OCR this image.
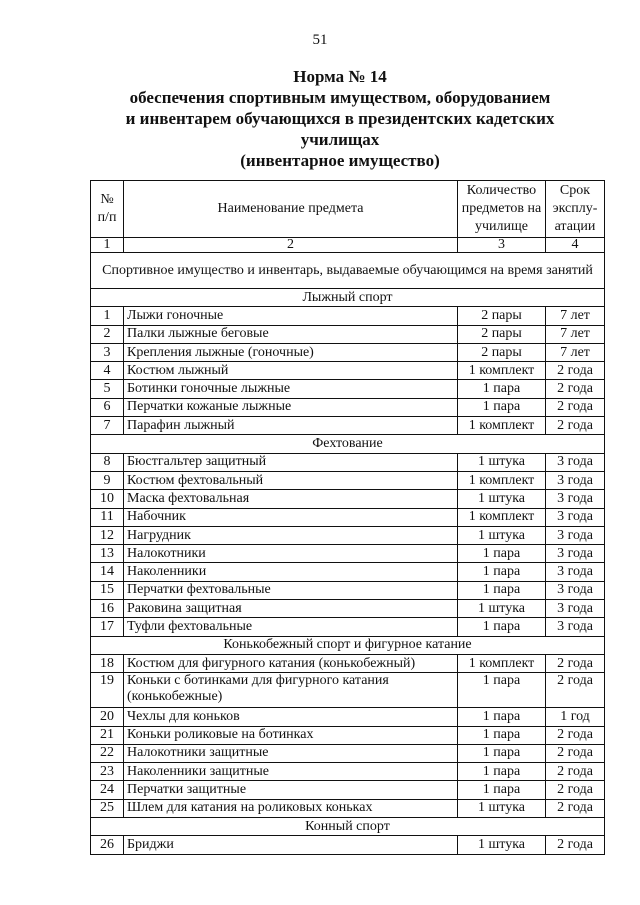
51
Норма № 14
обеспечения спортивным имуществом, оборудованием
и инвентарем обучающихся в президентских кадетских
училищах
(инвентарное имущество)
№ п/п	Наименование предмета	Количество предметов на училище	Срок эксплу-атации
1	2	3	4
Спортивное имущество и инвентарь, выдаваемые обучающимся на время занятий			
Лыжный спорт			
1	Лыжи гоночные	2 пары	7 лет
2	Палки лыжные беговые	2 пары	7 лет
3	Крепления лыжные (гоночные)	2 пары	7 лет
4	Костюм лыжный	1 комплект	2 года
5	Ботинки гоночные лыжные	1 пара	2 года
6	Перчатки кожаные лыжные	1 пара	2 года
7	Парафин лыжный	1 комплект	2 года
Фехтование			
8	Бюстгальтер защитный	1 штука	3 года
9	Костюм фехтовальный	1 комплект	3 года
10	Маска фехтовальная	1 штука	3 года
11	Набочник	1 комплект	3 года
12	Нагрудник	1 штука	3 года
13	Налокотники	1 пара	3 года
14	Наколенники	1 пара	3 года
15	Перчатки фехтовальные	1 пара	3 года
16	Раковина защитная	1 штука	3 года
17	Туфли фехтовальные	1 пара	3 года
Конькобежный спорт и фигурное катание			
18	Костюм для фигурного катания (конькобежный)	1 комплект	2 года
19	Коньки с ботинками для фигурного катания (конькобежные)	1 пара	2 года
20	Чехлы для коньков	1 пара	1 год
21	Коньки роликовые на ботинках	1 пара	2 года
22	Налокотники защитные	1 пара	2 года
23	Наколенники защитные	1 пара	2 года
24	Перчатки защитные	1 пара	2 года
25	Шлем для катания на роликовых коньках	1 штука	2 года
Конный спорт			
26	Бриджи	1 штука	2 года
